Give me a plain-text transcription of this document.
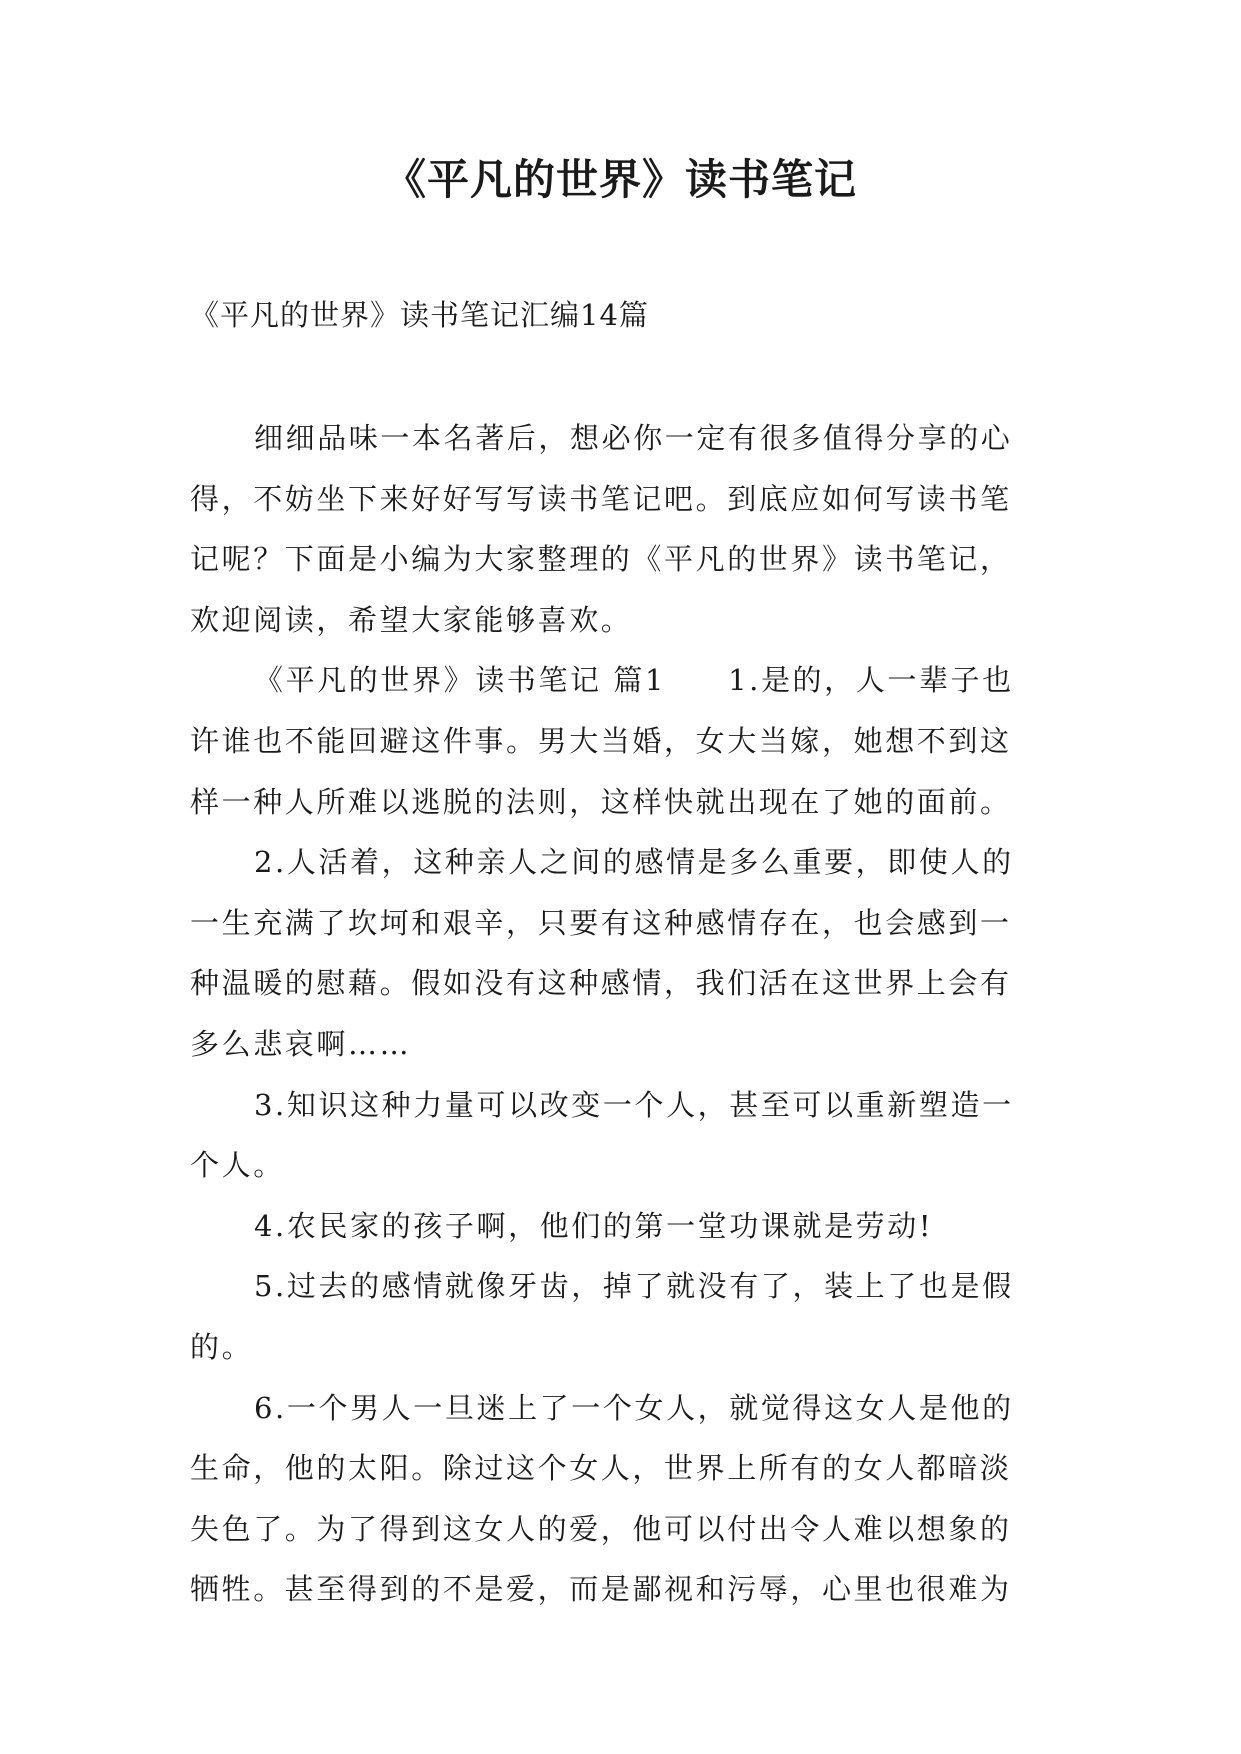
《平凡的世界》读书笔记
《平凡的世界》读书笔记汇编14篇
细细品味一本名著后，想必你一定有很多值得分享的心
得，不妨坐下来好好写写读书笔记吧。到底应如何写读书笔
记呢？下面是小编为大家整理的《平凡的世界》读书笔记，
欢迎阅读，希望大家能够喜欢。
《平凡的世界》读书笔记 篇1 1.是的，人一辈子也
许谁也不能回避这件事。男大当婚，女大当嫁，她想不到这
样一种人所难以逃脱的法则，这样快就出现在了她的面前。
2.人活着，这种亲人之间的感情是多么重要，即使人的
一生充满了坎坷和艰辛，只要有这种感情存在，也会感到一
种温暖的慰藉。假如没有这种感情，我们活在这世界上会有
多么悲哀啊……
3.知识这种力量可以改变一个人，甚至可以重新塑造一
个人。
4.农民家的孩子啊，他们的第一堂功课就是劳动!
5.过去的感情就像牙齿，掉了就没有了，装上了也是假
的。
6.一个男人一旦迷上了一个女人，就觉得这女人是他的
生命，他的太阳。除过这个女人，世界上所有的女人都暗淡
失色了。为了得到这女人的爱，他可以付出令人难以想象的
牺牲。甚至得到的不是爱，而是鄙视和污辱，心里也很难为
